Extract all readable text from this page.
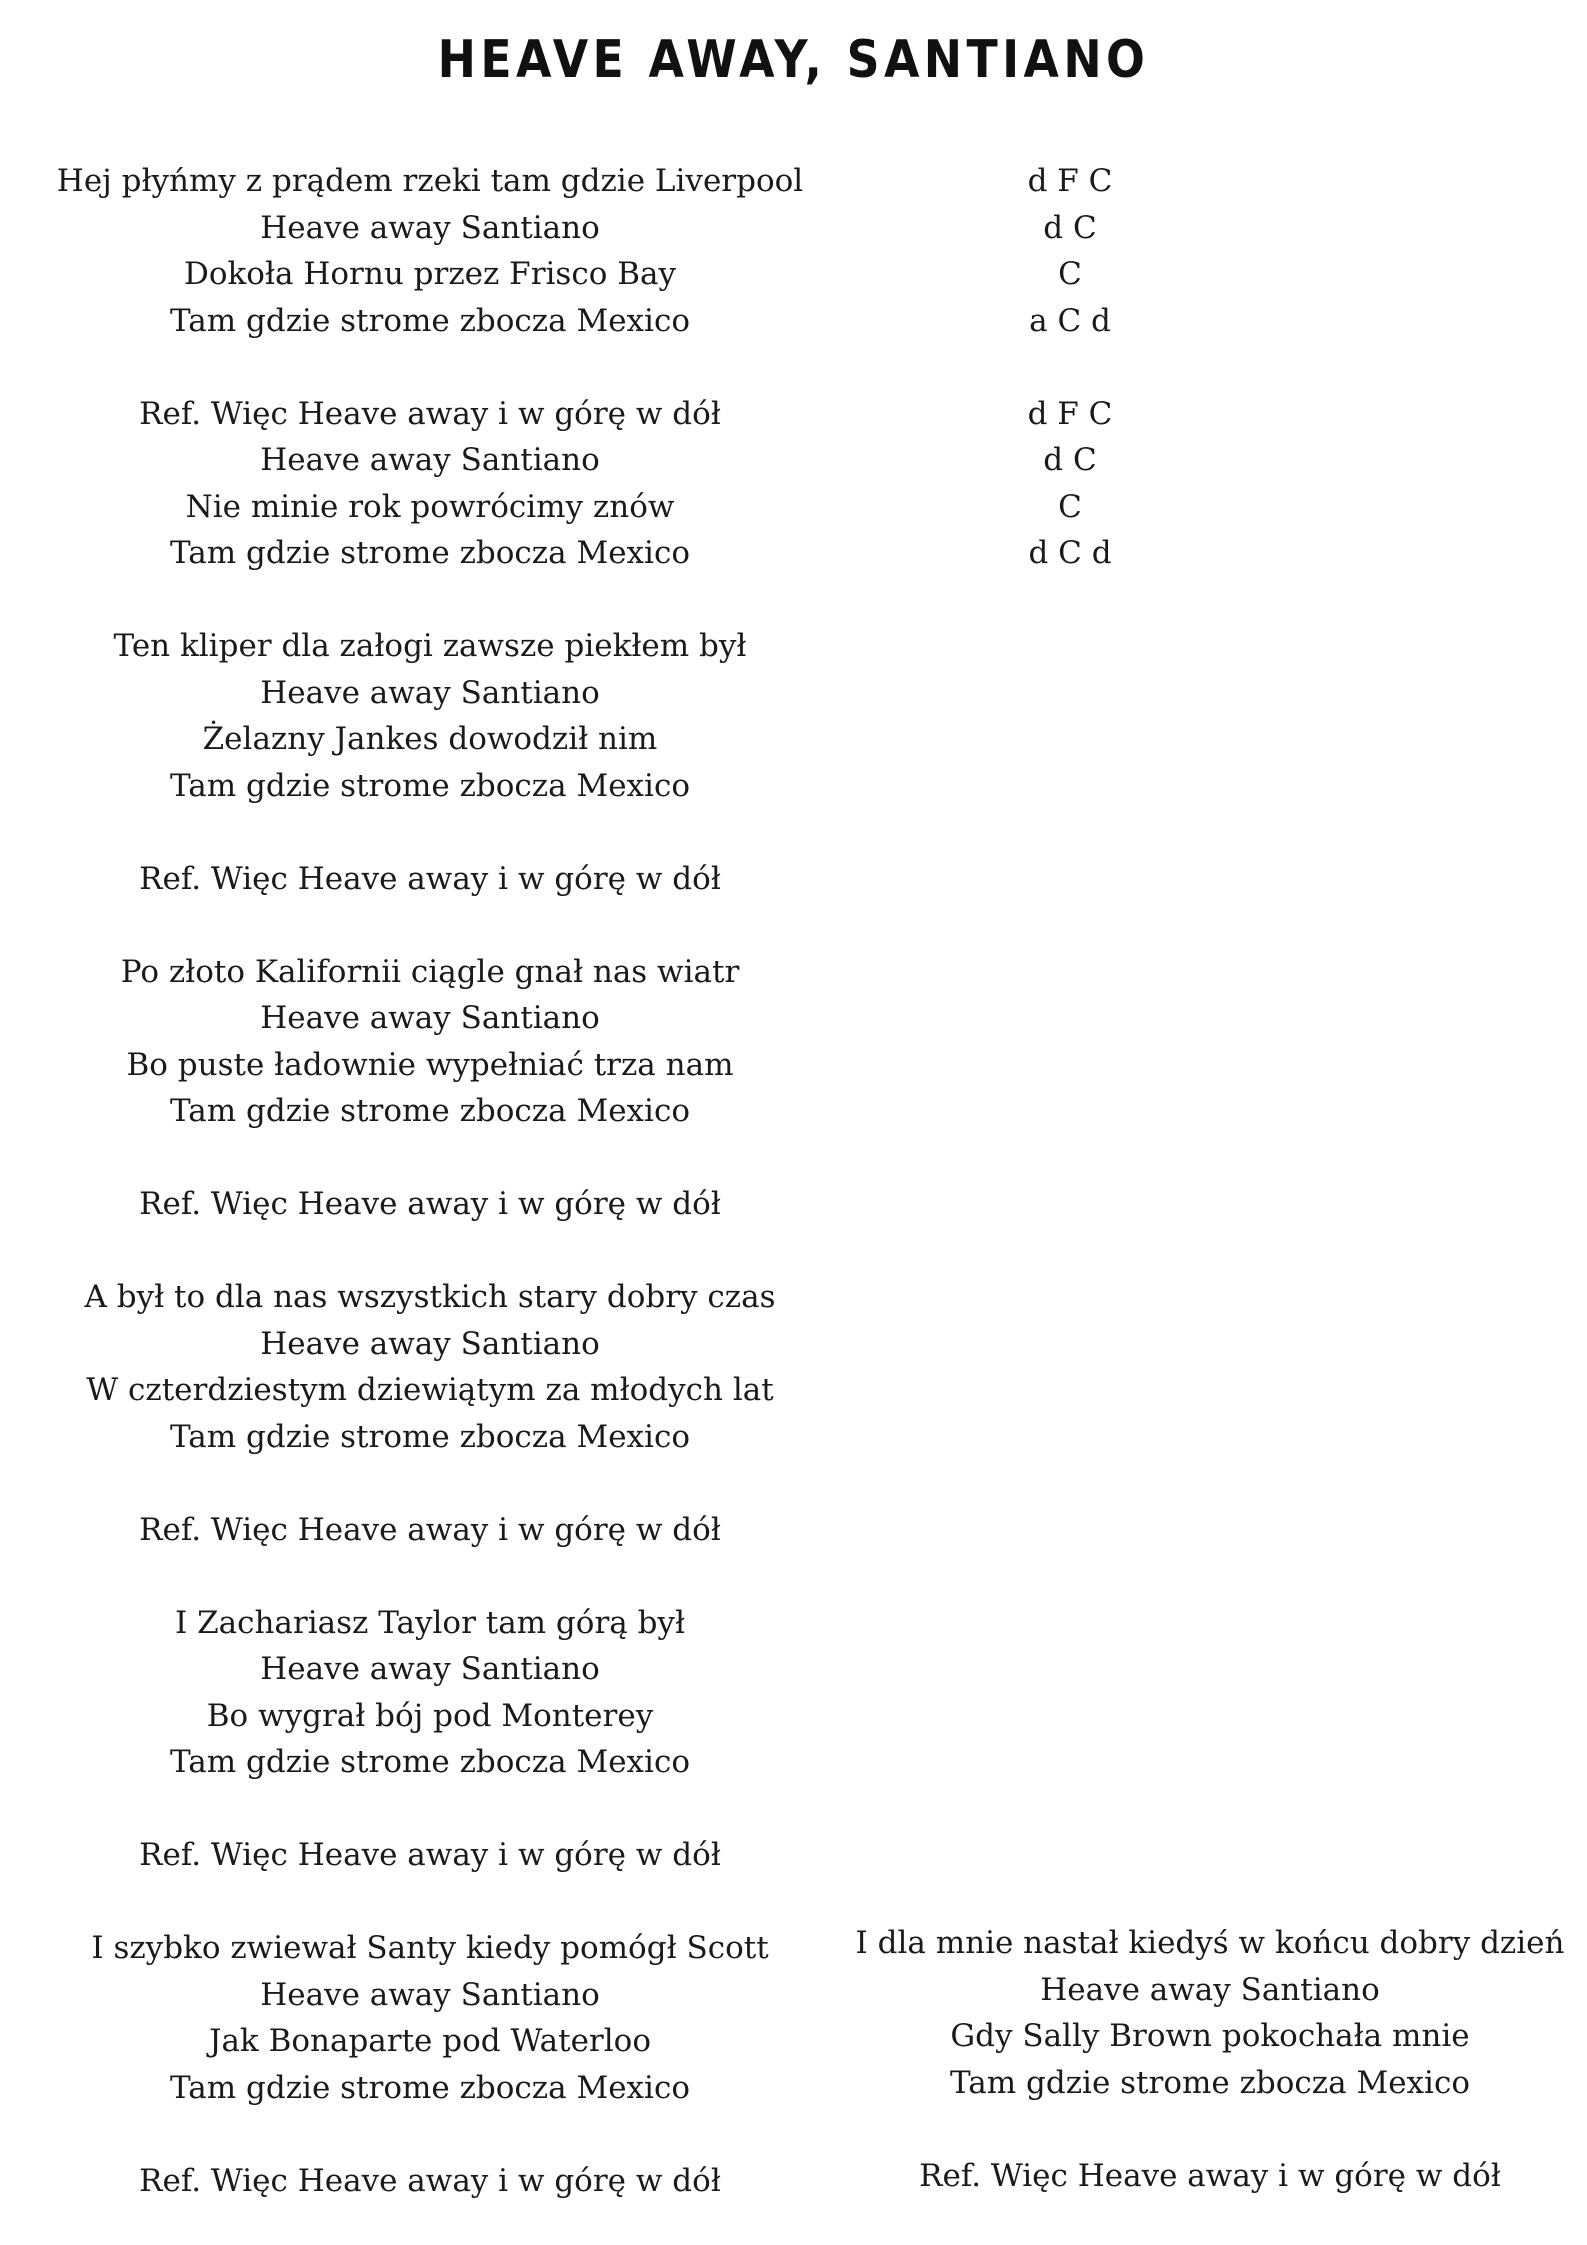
HEAVE AWAY, SANTIANO
Hej płyńmy z prądem rzeki tam gdzie Liverpool
Heave away Santiano
Dokoła Hornu przez Frisco Bay
Tam gdzie strome zbocza Mexico
Ref. Więc Heave away i w górę w dół
Heave away Santiano
Nie minie rok powrócimy znów
Tam gdzie strome zbocza Mexico
Ten kliper dla załogi zawsze piekłem był
Heave away Santiano
Żelazny Jankes dowodził nim
Tam gdzie strome zbocza Mexico
Ref. Więc Heave away i w górę w dół
Po złoto Kalifornii ciągle gnał nas wiatr
Heave away Santiano
Bo puste ładownie wypełniać trza nam
Tam gdzie strome zbocza Mexico
Ref. Więc Heave away i w górę w dół
A był to dla nas wszystkich stary dobry czas
Heave away Santiano
W czterdziestym dziewiątym za młodych lat
Tam gdzie strome zbocza Mexico
Ref. Więc Heave away i w górę w dół
I Zachariasz Taylor tam górą był
Heave away Santiano
Bo wygrał bój pod Monterey
Tam gdzie strome zbocza Mexico
Ref. Więc Heave away i w górę w dół
I szybko zwiewał Santy kiedy pomógł Scott
Heave away Santiano
Jak Bonaparte pod Waterloo
Tam gdzie strome zbocza Mexico
Ref. Więc Heave away i w górę w dół
d F C
d C
C
a C d
d F C
d C
C
d C d
I dla mnie nastał kiedyś w końcu dobry dzień
Heave away Santiano
Gdy Sally Brown pokochała mnie
Tam gdzie strome zbocza Mexico
Ref. Więc Heave away i w górę w dół
